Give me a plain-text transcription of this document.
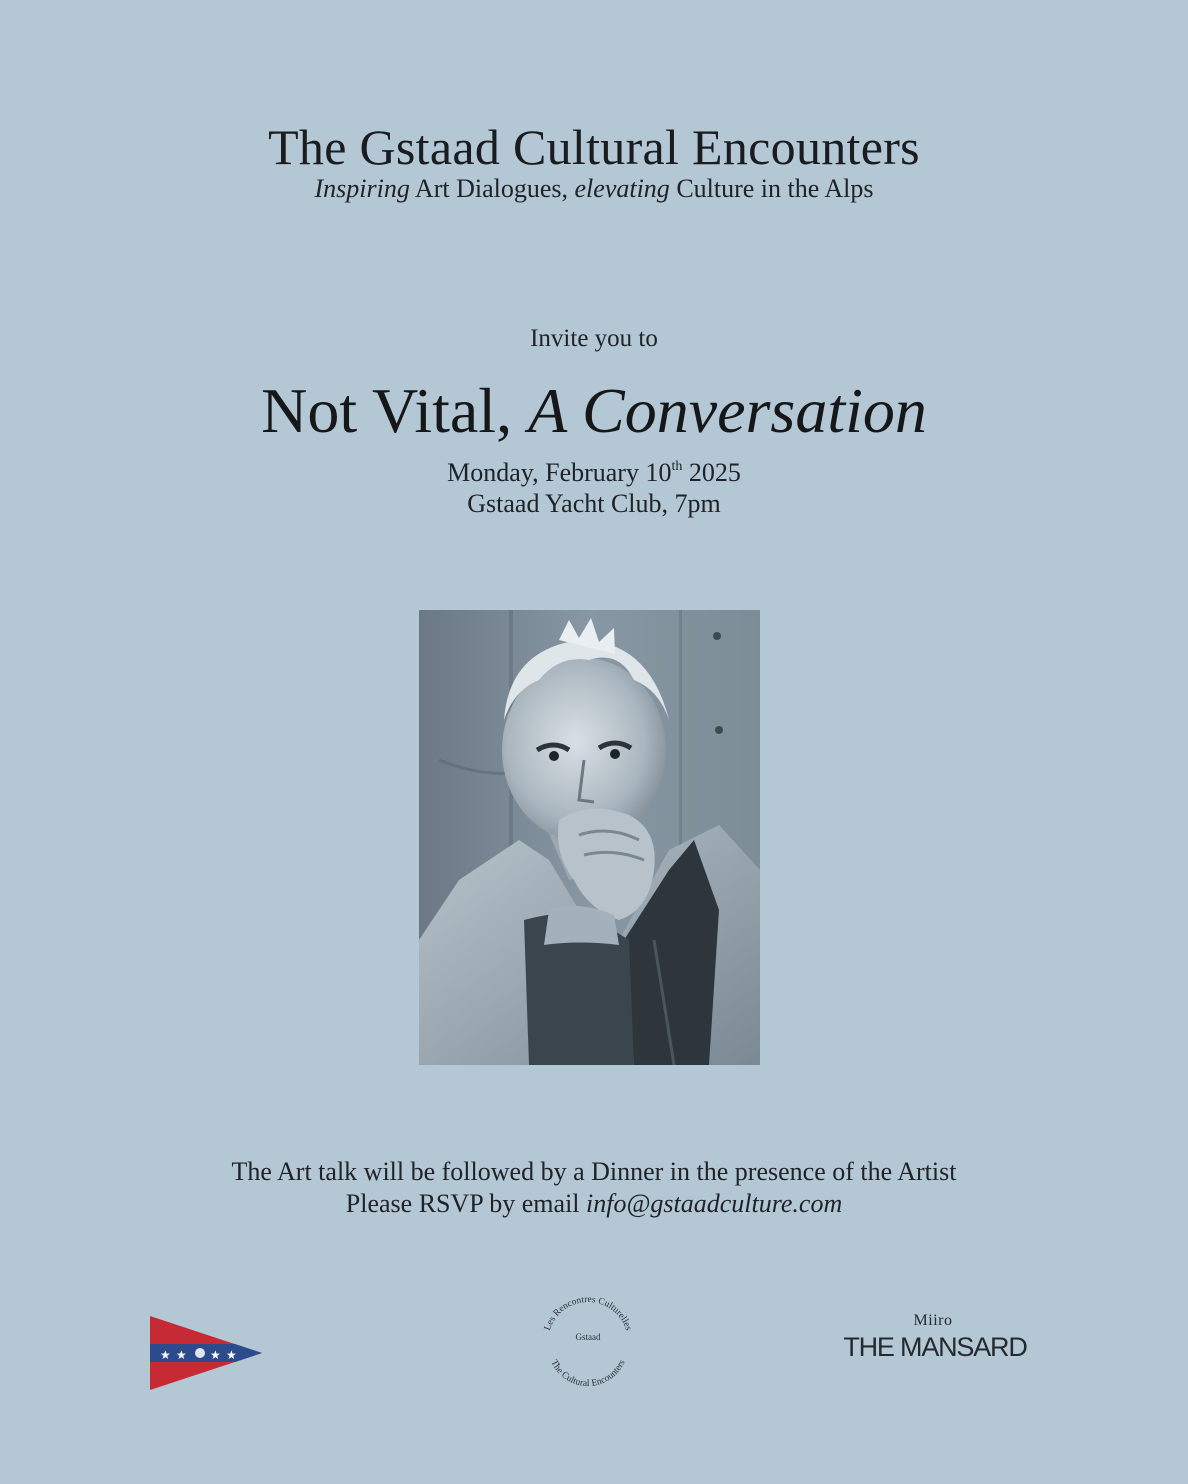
The Gstaad Cultural Encounters
Inspiring Art Dialogues, elevating Culture in the Alps
Invite you to
Not Vital, A Conversation
Monday, February 10th 2025
Gstaad Yacht Club, 7pm
The Art talk will be followed by a Dinner in the presence of the Artist
Please RSVP by email info@gstaadculture.com
★ ★ ★ ★
Les Rencontres Culturelles
Gstaad
The Cultural Encounters
Miiro
THE MANSARD
